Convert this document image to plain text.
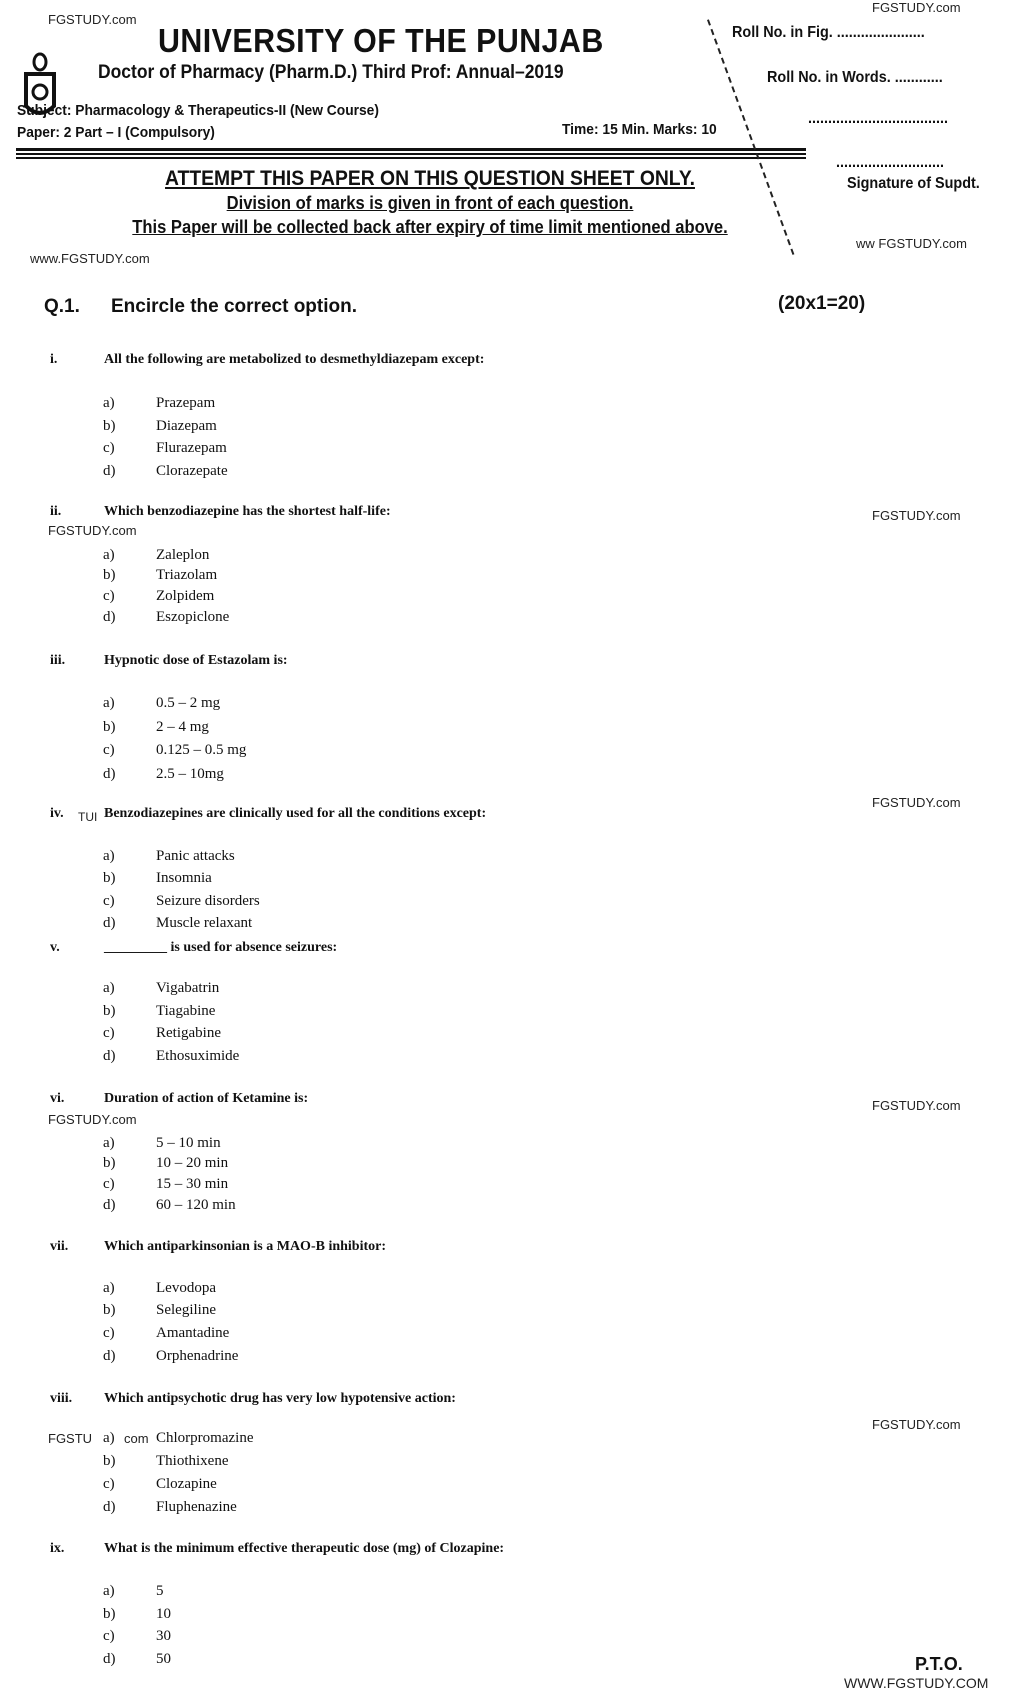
FGSTUDY.com
FGSTUDY.com
www.FGSTUDY.com
ww FGSTUDY.com
UNIVERSITY OF THE PUNJAB
Doctor of Pharmacy (Pharm.D.) Third Prof: Annual–2019
Subject: Pharmacology & Therapeutics-II (New Course)
Paper: 2 Part – I (Compulsory)	Time: 15 Min. Marks: 10
Roll No. in Fig. ......................
Roll No. in Words. ............
...................................
...........................
Signature of Supdt.
ATTEMPT THIS PAPER ON THIS QUESTION SHEET ONLY.
Division of marks is given in front of each question.
This Paper will be collected back after expiry of time limit mentioned above.
Q.1. Encircle the correct option.	(20x1=20)
i.	All the following are metabolized to desmethyldiazepam except:
a)	Prazepam
b)	Diazepam
c)	Flurazepam
d)	Clorazepate
ii.	Which benzodiazepine has the shortest half-life:
a)	Zaleplon
b)	Triazolam
c)	Zolpidem
d)	Eszopiclone
iii.	Hypnotic dose of Estazolam is:
a)	0.5 – 2 mg
b)	2 – 4 mg
c)	0.125 – 0.5 mg
d)	2.5 – 10mg
iv.	Benzodiazepines are clinically used for all the conditions except:
a)	Panic attacks
b)	Insomnia
c)	Seizure disorders
d)	Muscle relaxant
v.	_________ is used for absence seizures:
a)	Vigabatrin
b)	Tiagabine
c)	Retigabine
d)	Ethosuximide
vi.	Duration of action of Ketamine is:
a)	5 – 10 min
b)	10 – 20 min
c)	15 – 30 min
d)	60 – 120 min
vii.	Which antiparkinsonian is a MAO-B inhibitor:
a)	Levodopa
b)	Selegiline
c)	Amantadine
d)	Orphenadrine
viii. Which antipsychotic drug has very low hypotensive action:
a)	Chlorpromazine
b)	Thiothixene
c)	Clozapine
d)	Fluphenazine
ix.	What is the minimum effective therapeutic dose (mg) of Clozapine:
a)	5
b)	10
c)	30
d)	50
FGSTUDY.com
FGSTUDY.com
FGSTUDY.com
TUI
FGSTUDY.com
FGSTUDY.com
FGSTU com
FGSTUDY.com
P.T.O.
WWW.FGSTUDY.COM
